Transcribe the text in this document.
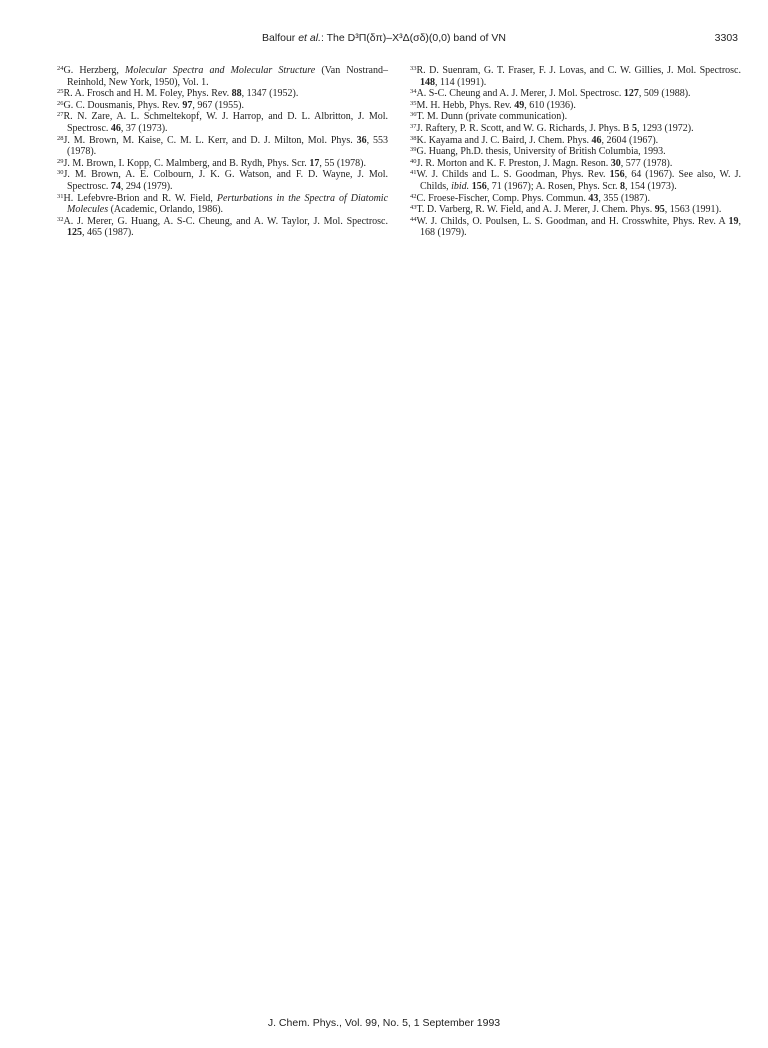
Balfour et al.: The D³Π(δπ)–X³Δ(σδ)(0,0) band of VN	3303

$^{24}$G. Herzberg, Molecular Spectra and Molecular Structure (Van Nostrand–Reinhold, New York, 1950), Vol. 1.

$^{25}$R. A. Frosch and H. M. Foley, Phys. Rev. 88, 1347 (1952).

$^{26}$G. C. Dousmanis, Phys. Rev. 97, 967 (1955).

$^{27}$R. N. Zare, A. L. Schmeltekopf, W. J. Harrop, and D. L. Albritton, J. Mol. Spectrosc. 46, 37 (1973).

$^{28}$J. M. Brown, M. Kaise, C. M. L. Kerr, and D. J. Milton, Mol. Phys. 36, 553 (1978).

$^{29}$J. M. Brown, I. Kopp, C. Malmberg, and B. Rydh, Phys. Scr. 17, 55 (1978).

$^{30}$J. M. Brown, A. E. Colbourn, J. K. G. Watson, and F. D. Wayne, J. Mol. Spectrosc. 74, 294 (1979).

$^{31}$H. Lefebvre-Brion and R. W. Field, Perturbations in the Spectra of Diatomic Molecules (Academic, Orlando, 1986).

$^{32}$A. J. Merer, G. Huang, A. S-C. Cheung, and A. W. Taylor, J. Mol. Spectrosc. 125, 465 (1987).

$^{33}$R. D. Suenram, G. T. Fraser, F. J. Lovas, and C. W. Gillies, J. Mol. Spectrosc. 148, 114 (1991).

$^{34}$A. S-C. Cheung and A. J. Merer, J. Mol. Spectrosc. 127, 509 (1988).

$^{35}$M. H. Hebb, Phys. Rev. 49, 610 (1936).

$^{36}$T. M. Dunn (private communication).

$^{37}$J. Raftery, P. R. Scott, and W. G. Richards, J. Phys. B 5, 1293 (1972).

$^{38}$K. Kayama and J. C. Baird, J. Chem. Phys. 46, 2604 (1967).

$^{39}$G. Huang, Ph.D. thesis, University of British Columbia, 1993.

$^{40}$J. R. Morton and K. F. Preston, J. Magn. Reson. 30, 577 (1978).

$^{41}$W. J. Childs and L. S. Goodman, Phys. Rev. 156, 64 (1967). See also, W. J. Childs, ibid. 156, 71 (1967); A. Rosen, Phys. Scr. 8, 154 (1973).

$^{42}$C. Froese-Fischer, Comp. Phys. Commun. 43, 355 (1987).

$^{43}$T. D. Varberg, R. W. Field, and A. J. Merer, J. Chem. Phys. 95, 1563 (1991).

$^{44}$W. J. Childs, O. Poulsen, L. S. Goodman, and H. Crosswhite, Phys. Rev. A 19, 168 (1979).

J. Chem. Phys., Vol. 99, No. 5, 1 September 1993
